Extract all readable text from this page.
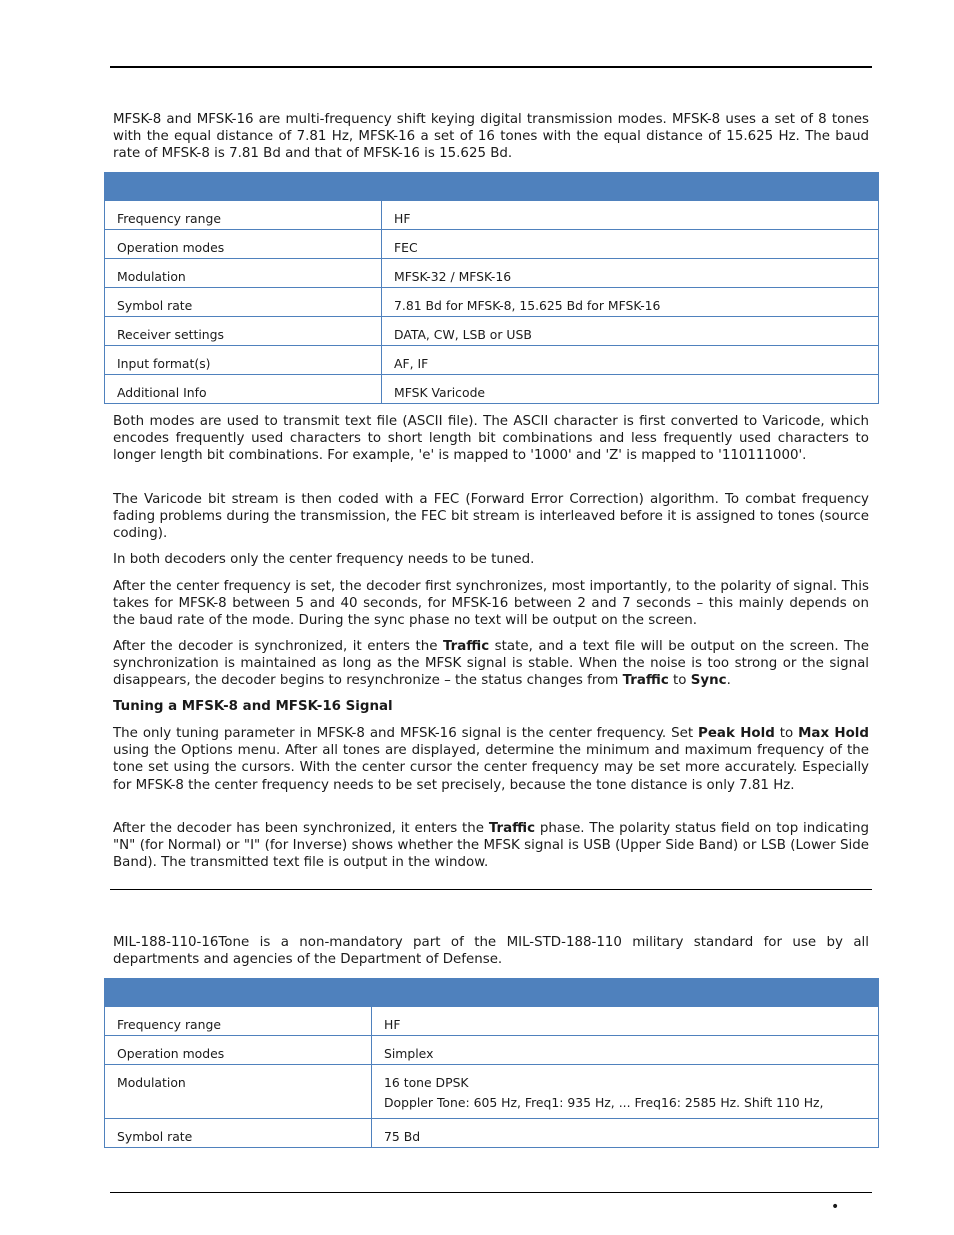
MFSK-8 and MFSK-16 are multi-frequency shift keying digital transmission modes. MFSK-8 uses a set of 8 tones with the equal distance of 7.81 Hz, MFSK-16 a set of 16 tones with the equal distance of 15.625 Hz. The baud rate of MFSK-8 is 7.81 Bd and that of MFSK-16 is 15.625 Bd.

Frequency range	HF

Operation modes	FEC

Modulation	MFSK-32 / MFSK-16

Symbol rate	7.81 Bd for MFSK-8, 15.625 Bd for MFSK-16

Receiver settings	DATA, CW, LSB or USB

Input format(s)	AF, IF

Additional Info	MFSK Varicode

Both modes are used to transmit text file (ASCII file). The ASCII character is first converted to Varicode, which encodes frequently used characters to short length bit combinations and less frequently used characters to longer length bit combinations. For example, 'e' is mapped to '1000' and 'Z' is mapped to '110111000'.

The Varicode bit stream is then coded with a FEC (Forward Error Correction) algorithm. To combat frequency fading problems during the transmission, the FEC bit stream is interleaved before it is assigned to tones (source coding).

In both decoders only the center frequency needs to be tuned.

After the center frequency is set, the decoder first synchronizes, most importantly, to the polarity of signal. This takes for MFSK-8 between 5 and 40 seconds, for MFSK-16 between 2 and 7 seconds – this mainly depends on the baud rate of the mode. During the sync phase no text will be output on the screen.

After the decoder is synchronized, it enters the Traffic state, and a text file will be output on the screen. The synchronization is maintained as long as the MFSK signal is stable. When the noise is too strong or the signal disappears, the decoder begins to resynchronize – the status changes from Traffic to Sync.

Tuning a MFSK-8 and MFSK-16 Signal

The only tuning parameter in MFSK-8 and MFSK-16 signal is the center frequency. Set Peak Hold to Max Hold using the Options menu. After all tones are displayed, determine the minimum and maximum frequency of the tone set using the cursors. With the center cursor the center frequency may be set more accurately. Especially for MFSK-8 the center frequency needs to be set precisely, because the tone distance is only 7.81 Hz.

After the decoder has been synchronized, it enters the Traffic phase. The polarity status field on top indicating "N" (for Normal) or "I" (for Inverse) shows whether the MFSK signal is USB (Upper Side Band) or LSB (Lower Side Band). The transmitted text file is output in the window.

MIL-188-110-16Tone is a non-mandatory part of the MIL-STD-188-110 military standard for use by all departments and agencies of the Department of Defense.

Frequency range	HF

Operation modes	Simplex

Modulation	16 tone DPSK
Doppler Tone: 605 Hz, Freq1: 935 Hz, ... Freq16: 2585 Hz. Shift 110 Hz,

Symbol rate	75 Bd
•
